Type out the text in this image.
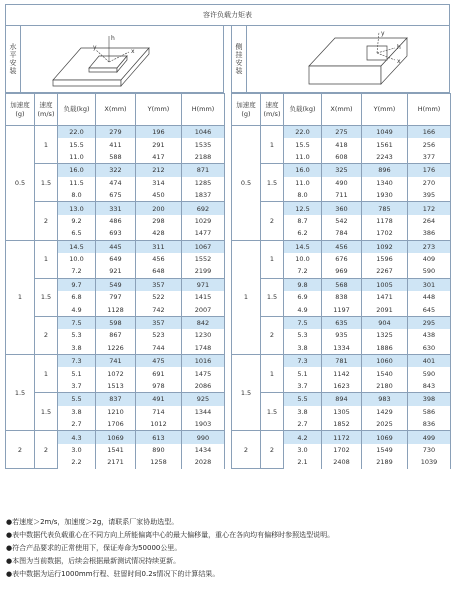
容许负载力矩表
水平安装
h
y
x
加速度(g)	速度(m/s)	负载(kg)	X(mm)	Y(mm)	H(mm)
0.5	1	22.0	279	196	1046
		15.5	411	291	1535
		11.0	588	417	2188
	1.5	16.0	322	212	871
		11.5	474	314	1285
		8.0	675	450	1837
	2	13.0	331	200	692
		9.2	486	298	1029
		6.5	693	428	1477
1	1	14.5	445	311	1067
		10.0	649	456	1552
		7.2	921	648	2199
	1.5	9.7	549	357	971
		6.8	797	522	1415
		4.9	1128	742	2007
	2	7.5	598	357	842
		5.3	867	523	1230
		3.8	1226	744	1748
1.5	1	7.3	741	475	1016
		5.1	1072	691	1475
		3.7	1513	978	2086
	1.5	5.5	837	491	925
		3.8	1210	714	1344
		2.7	1706	1012	1903
2	2	4.3	1069	613	990
		3.0	1541	890	1434
		2.2	2171	1258	2028
侧挂安装
y
h
x
加速度(g)	速度(m/s)	负载(kg)	X(mm)	Y(mm)	H(mm)
0.5	1	22.0	275	1049	166
		15.5	418	1561	256
		11.0	608	2243	377
	1.5	16.0	325	896	176
		11.0	490	1340	270
		8.0	711	1930	395
	2	12.5	360	785	172
		8.7	542	1178	264
		6.2	784	1702	386
1	1	14.5	456	1092	273
		10.0	676	1596	409
		7.2	969	2267	590
	1.5	9.8	568	1005	301
		6.9	838	1471	448
		4.9	1197	2091	645
	2	7.5	635	904	295
		5.3	935	1325	438
		3.8	1334	1886	630
1.5	1	7.3	781	1060	401
		5.1	1142	1540	590
		3.7	1623	2180	843
	1.5	5.5	894	983	398
		3.8	1305	1429	586
		2.7	1852	2025	836
2	2	4.2	1172	1069	499
		3.0	1702	1549	730
		2.1	2408	2189	1039
●若速度＞2m/s，加速度＞2g，请联系厂家协助选型。
●表中数据代表负载重心在不同方向上所能偏离中心的最大偏移量，重心在各向均有偏移时参照选型说明。
●符合产品要求的正常使用下，保证寿命为50000公里。
●本图为当前数据，后续会根据最新测试情况持续更新。
●表中数据为运行1000mm行程、驻留时间0.2s情况下的计算结果。
